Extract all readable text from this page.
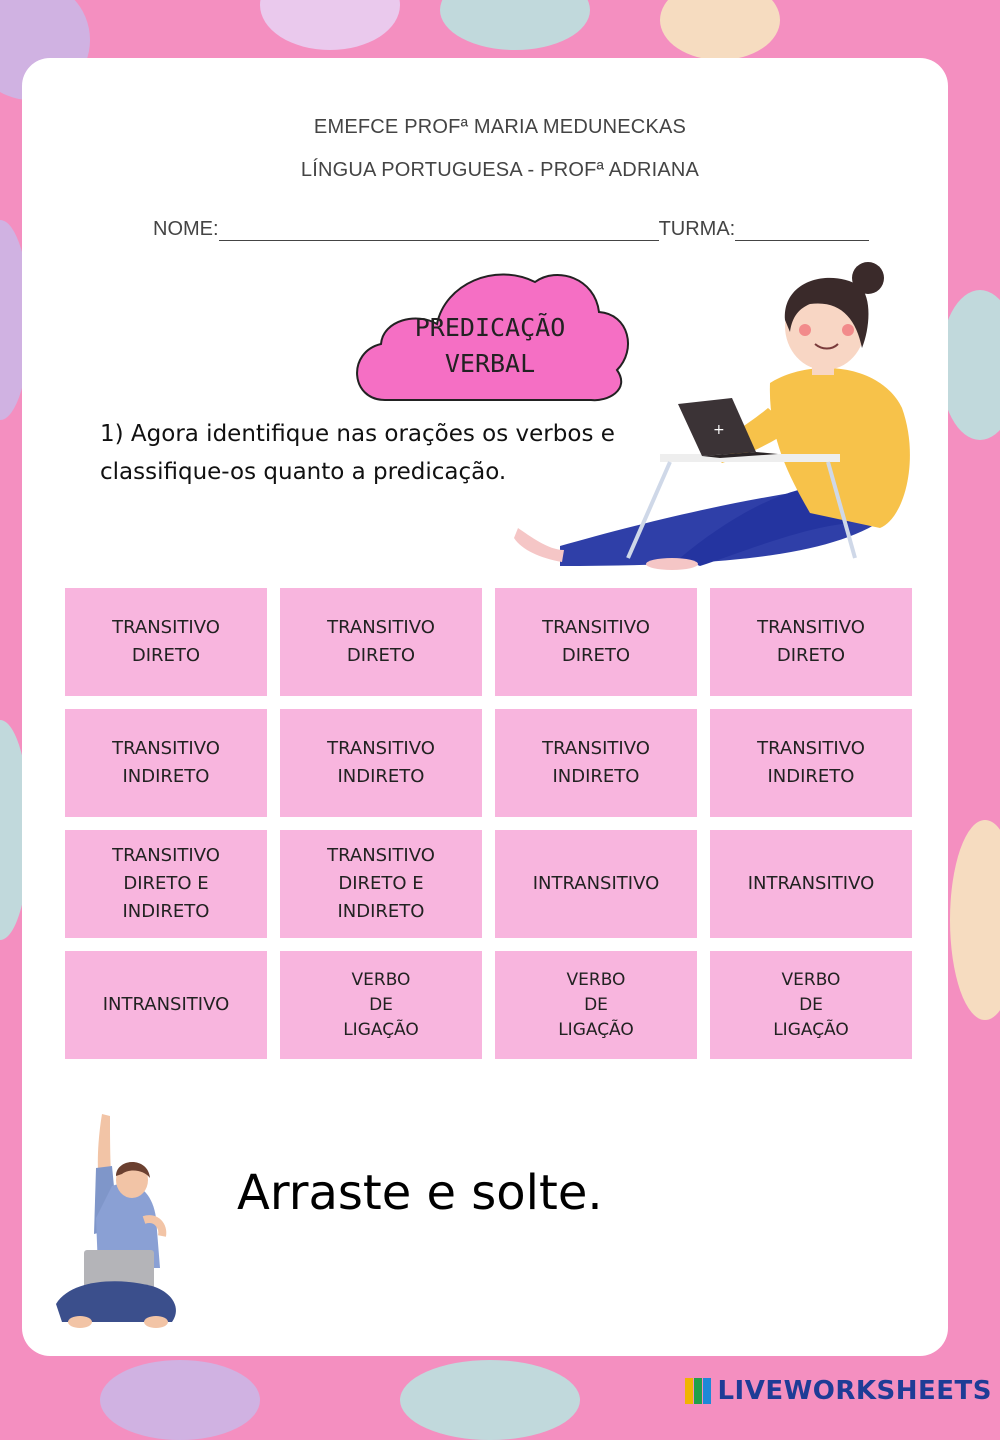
EMEFCE PROFª MARIA MEDUNECKAS
LÍNGUA PORTUGUESA - PROFª ADRIANA
NOME:	TURMA:
PREDICAÇÃO
VERBAL
1) Agora identifique nas orações os verbos e
classifique-os quanto a predicação.
+
TRANSITIVO
DIRETO
TRANSITIVO
DIRETO
TRANSITIVO
DIRETO
TRANSITIVO
DIRETO
TRANSITIVO
INDIRETO
TRANSITIVO
INDIRETO
TRANSITIVO
INDIRETO
TRANSITIVO
INDIRETO
TRANSITIVO
DIRETO E
INDIRETO
TRANSITIVO
DIRETO E
INDIRETO
INTRANSITIVO	INTRANSITIVO
INTRANSITIVO
VERBO
DE
LIGAÇÃO
VERBO
DE
LIGAÇÃO
VERBO
DE
LIGAÇÃO
Arraste e solte.
LIVEWORKSHEETS
